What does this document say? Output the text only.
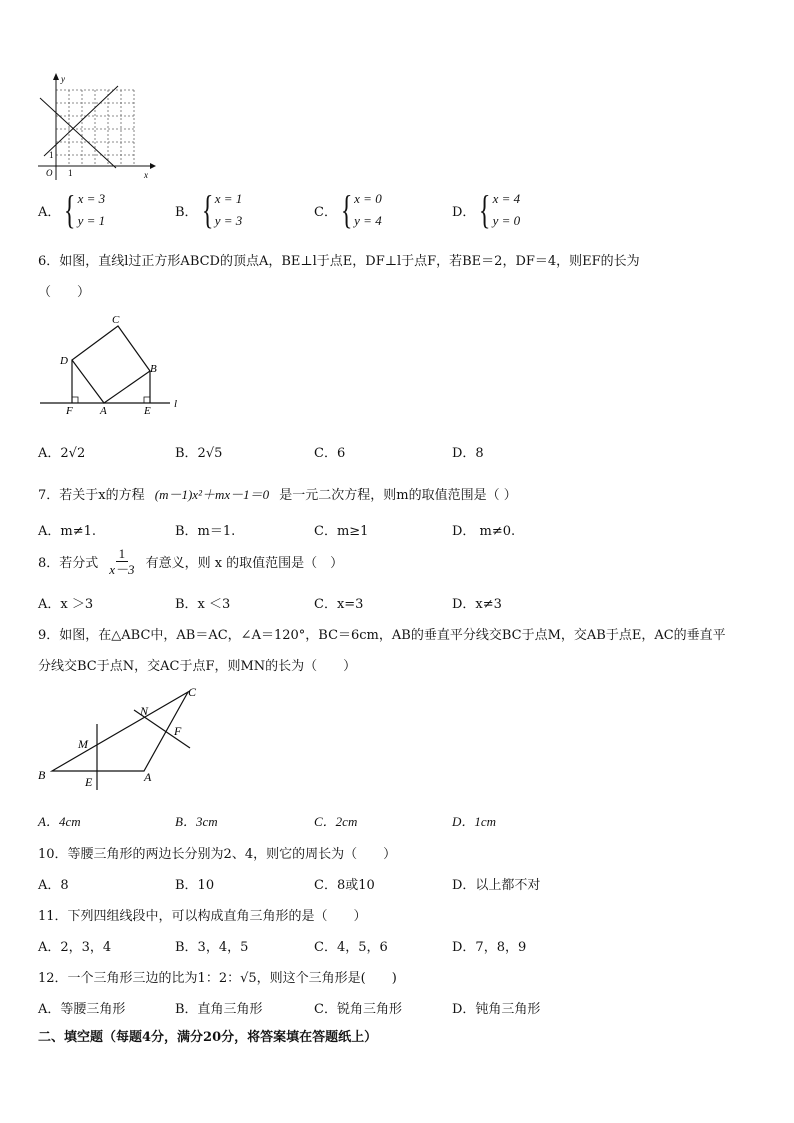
y
x
O 1
1
A． { x = 3
y = 1
B． { x = 1
y = 3
C． { x = 0
y = 4
D． { x = 4
y = 0
6．如图，直线l过正方形ABCD的顶点A，BE⊥l于点E，DF⊥l于点F，若BE＝2，DF＝4，则EF的长为
（　　）
C
D
B
F A	E
l
A．2√2	B．2√5	C．6	D．8
7．若关于x的方程 (m－1)x²＋mx－1＝0 是一元二次方程，则m的取值范围是（ ）
A．m≠1.	B．m＝1.	C．m≥1	D． m≠0.
8．若分式 $\frac{1}{x-3}$ 有意义，则 x 的取值范围是（　）
A．x ＞3	B．x ＜3	C．x=3	D．x≠3
9．如图，在△ABC中，AB＝AC，∠A＝120°，BC＝6cm，AB的垂直平分线交BC于点M，交AB于点E，AC的垂直平
分线交BC于点N，交AC于点F，则MN的长为（　　）
C
N
F
M
B	E	A
A．4cm	B．3cm	C．2cm	D．1cm
10．等腰三角形的两边长分别为2、4，则它的周长为（　　）
A．8	B．10	C．8或10	D．以上都不对
11．下列四组线段中，可以构成直角三角形的是（　　）
A．2，3，4	B．3，4，5	C．4，5，6	D．7，8，9
12．一个三角形三边的比为1：2：√5，则这个三角形是(　　)
A．等腰三角形	B．直角三角形	C．锐角三角形	D．钝角三角形
二、填空题（每题4分，满分20分，将答案填在答题纸上）
